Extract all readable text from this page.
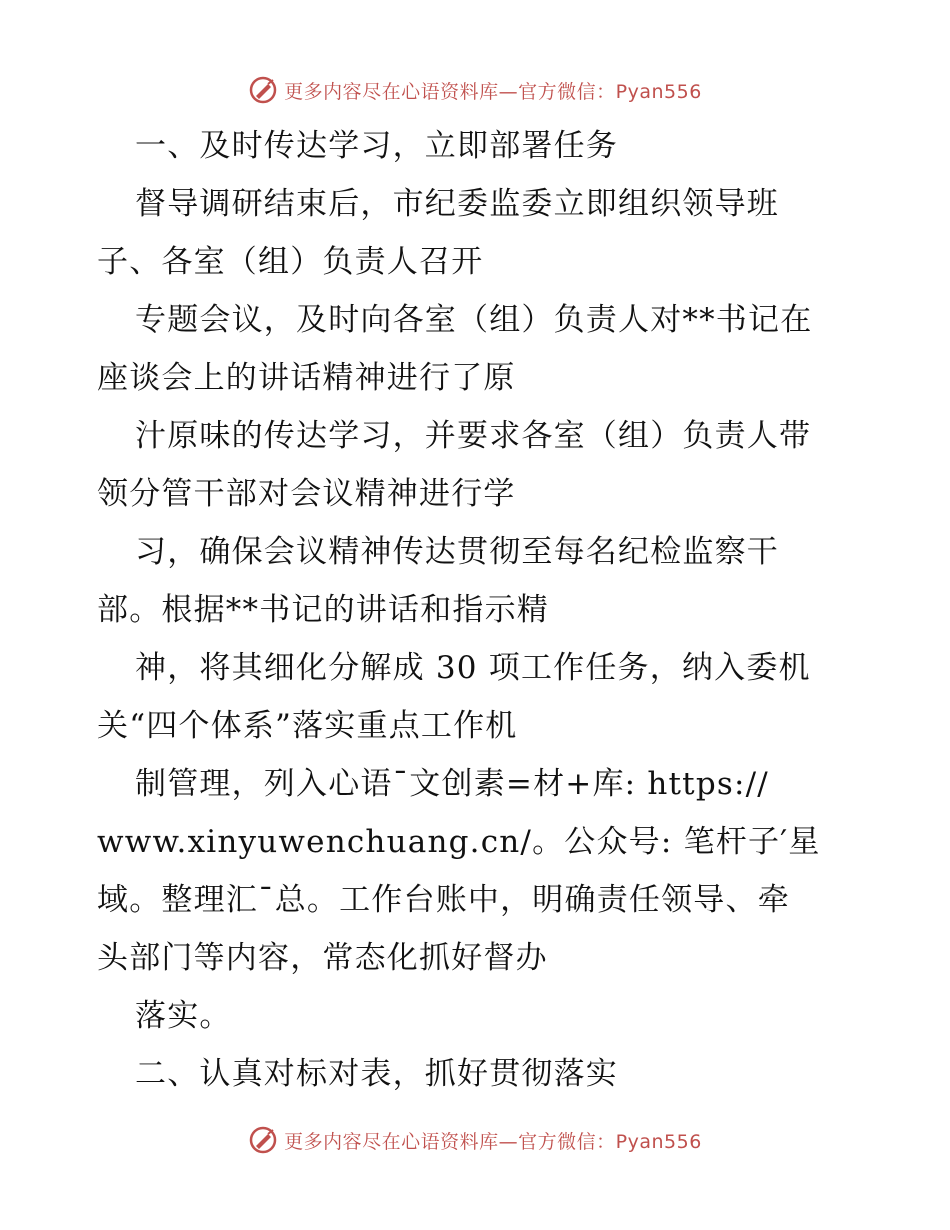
更多内容尽在心语资料库—官方微信：Pyan556
一、及时传达学习，立即部署任务
督导调研结束后，市纪委监委立即组织领导班
子、各室（组）负责人召开
专题会议，及时向各室（组）负责人对**书记在
座谈会上的讲话精神进行了原
汁原味的传达学习，并要求各室（组）负责人带
领分管干部对会议精神进行学
习，确保会议精神传达贯彻至每名纪检监察干
部。根据**书记的讲话和指示精
神，将其细化分解成 30 项工作任务，纳入委机
关“四个体系”落实重点工作机
制管理，列入心语¯文创素=材+库: https://
www.xinyuwenchuang.cn/。公众号: 笔杆子′星
域。整理汇¯总。工作台账中，明确责任领导、牵
头部门等内容，常态化抓好督办
落实。
二、认真对标对表，抓好贯彻落实
更多内容尽在心语资料库—官方微信：Pyan556
